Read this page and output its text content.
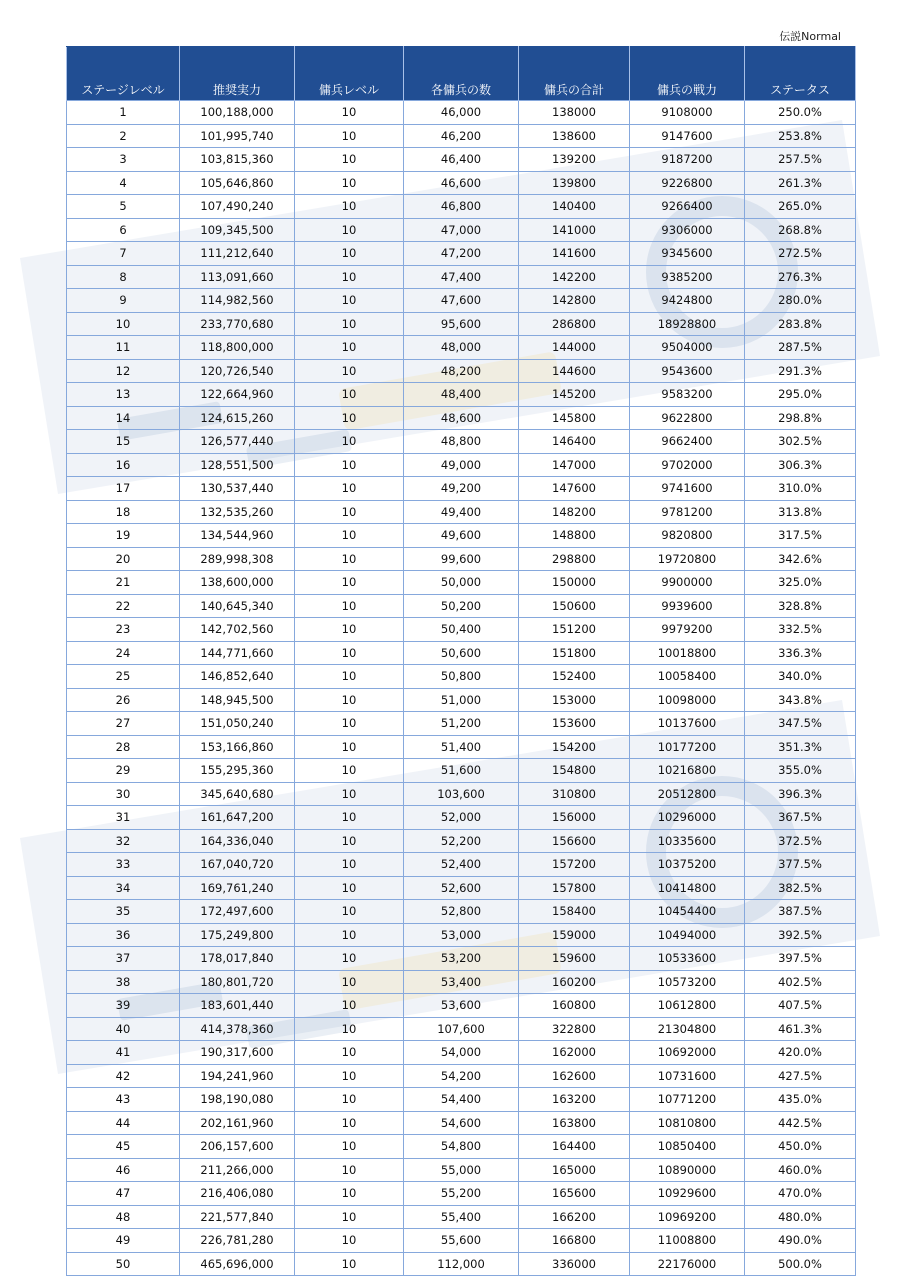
伝説Normal
ステージレベル	推奨実力	傭兵レベル	各傭兵の数	傭兵の合計	傭兵の戦力	ステータス
1	100,188,000	10	46,000	138000	9108000	250.0%
2	101,995,740	10	46,200	138600	9147600	253.8%
3	103,815,360	10	46,400	139200	9187200	257.5%
4	105,646,860	10	46,600	139800	9226800	261.3%
5	107,490,240	10	46,800	140400	9266400	265.0%
6	109,345,500	10	47,000	141000	9306000	268.8%
7	111,212,640	10	47,200	141600	9345600	272.5%
8	113,091,660	10	47,400	142200	9385200	276.3%
9	114,982,560	10	47,600	142800	9424800	280.0%
10	233,770,680	10	95,600	286800	18928800	283.8%
11	118,800,000	10	48,000	144000	9504000	287.5%
12	120,726,540	10	48,200	144600	9543600	291.3%
13	122,664,960	10	48,400	145200	9583200	295.0%
14	124,615,260	10	48,600	145800	9622800	298.8%
15	126,577,440	10	48,800	146400	9662400	302.5%
16	128,551,500	10	49,000	147000	9702000	306.3%
17	130,537,440	10	49,200	147600	9741600	310.0%
18	132,535,260	10	49,400	148200	9781200	313.8%
19	134,544,960	10	49,600	148800	9820800	317.5%
20	289,998,308	10	99,600	298800	19720800	342.6%
21	138,600,000	10	50,000	150000	9900000	325.0%
22	140,645,340	10	50,200	150600	9939600	328.8%
23	142,702,560	10	50,400	151200	9979200	332.5%
24	144,771,660	10	50,600	151800	10018800	336.3%
25	146,852,640	10	50,800	152400	10058400	340.0%
26	148,945,500	10	51,000	153000	10098000	343.8%
27	151,050,240	10	51,200	153600	10137600	347.5%
28	153,166,860	10	51,400	154200	10177200	351.3%
29	155,295,360	10	51,600	154800	10216800	355.0%
30	345,640,680	10	103,600	310800	20512800	396.3%
31	161,647,200	10	52,000	156000	10296000	367.5%
32	164,336,040	10	52,200	156600	10335600	372.5%
33	167,040,720	10	52,400	157200	10375200	377.5%
34	169,761,240	10	52,600	157800	10414800	382.5%
35	172,497,600	10	52,800	158400	10454400	387.5%
36	175,249,800	10	53,000	159000	10494000	392.5%
37	178,017,840	10	53,200	159600	10533600	397.5%
38	180,801,720	10	53,400	160200	10573200	402.5%
39	183,601,440	10	53,600	160800	10612800	407.5%
40	414,378,360	10	107,600	322800	21304800	461.3%
41	190,317,600	10	54,000	162000	10692000	420.0%
42	194,241,960	10	54,200	162600	10731600	427.5%
43	198,190,080	10	54,400	163200	10771200	435.0%
44	202,161,960	10	54,600	163800	10810800	442.5%
45	206,157,600	10	54,800	164400	10850400	450.0%
46	211,266,000	10	55,000	165000	10890000	460.0%
47	216,406,080	10	55,200	165600	10929600	470.0%
48	221,577,840	10	55,400	166200	10969200	480.0%
49	226,781,280	10	55,600	166800	11008800	490.0%
50	465,696,000	10	112,000	336000	22176000	500.0%
